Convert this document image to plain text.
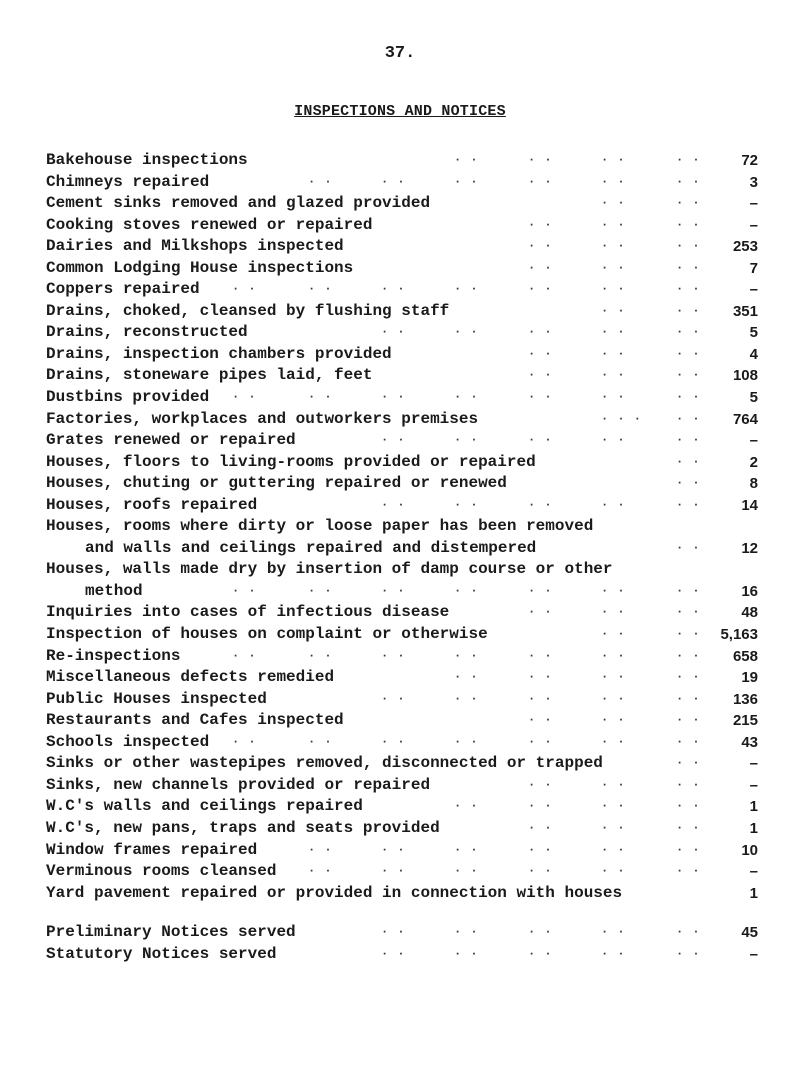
37.
INSPECTIONS AND NOTICES
Bakehouse inspections	· ·	· ·	· ·	· ·	72
Chimneys repaired	· ·	· ·	· ·	· ·	· ·	· ·	3
Cement sinks removed and glazed provided	· ·	· ·	–
Cooking stoves renewed or repaired	· ·	· ·	· ·	–
Dairies and Milkshops inspected	· ·	· ·	· · 253
Common Lodging House inspections	· ·	· ·	· ·	7
Coppers repaired	· ·	· ·	· ·	· ·	· ·	· ·	· ·	–
Drains, choked, cleansed by flushing staff	· ·	· · 351
Drains, reconstructed	· ·	· ·	· ·	· ·	· ·	5
Drains, inspection chambers provided	· ·	· ·	· ·	4
Drains, stoneware pipes laid, feet	· ·	· ·	· · 108
Dustbins provided · ·	· ·	· ·	· ·	· ·	· ·	· ·	5
Factories, workplaces and outworkers premises	· · ·	· · 764
Grates renewed or repaired	· ·	· ·	· ·	· ·	· ·	–
Houses, floors to living-rooms provided or repaired	· ·	2
Houses, chuting or guttering repaired or renewed	· ·	8
Houses, roofs repaired	· ·	· ·	· ·	· ·	· ·	14
Houses, rooms where dirty or loose paper has been removed
and walls and ceilings repaired and distempered	· ·	12
Houses, walls made dry by insertion of damp course or other
method	· ·	· ·	· ·	· ·	· ·	· ·	· ·	16
Inquiries into cases of infectious disease	· ·	· ·	· ·	48
Inspection of houses on complaint or otherwise	· ·	· · 5,163
Re-inspections	· ·	· ·	· ·	· ·	· ·	· ·	· · 658
Miscellaneous defects remedied	· ·	· ·	· ·	· ·	19
Public Houses inspected	· ·	· ·	· ·	· ·	· · 136
Restaurants and Cafes inspected	· ·	· ·	· · 215
Schools inspected · ·	· ·	· ·	· ·	· ·	· ·	· ·	43
Sinks or other wastepipes removed, disconnected or trapped	· ·	–
Sinks, new channels provided or repaired	· ·	· ·	· ·	–
W.C's walls and ceilings repaired	· ·	· ·	· ·	· ·	1
W.C's, new pans, traps and seats provided	· ·	· ·	· ·	1
Window frames repaired	· ·	· ·	· ·	· ·	· ·	· ·	10
Verminous rooms cleansed	· ·	· ·	· ·	· ·	· ·	· ·	–
Yard pavement repaired or provided in connection with houses	1
Preliminary Notices served	· ·	· ·	· ·	· ·	· ·	45
Statutory Notices served	· ·	· ·	· ·	· ·	· ·	–
